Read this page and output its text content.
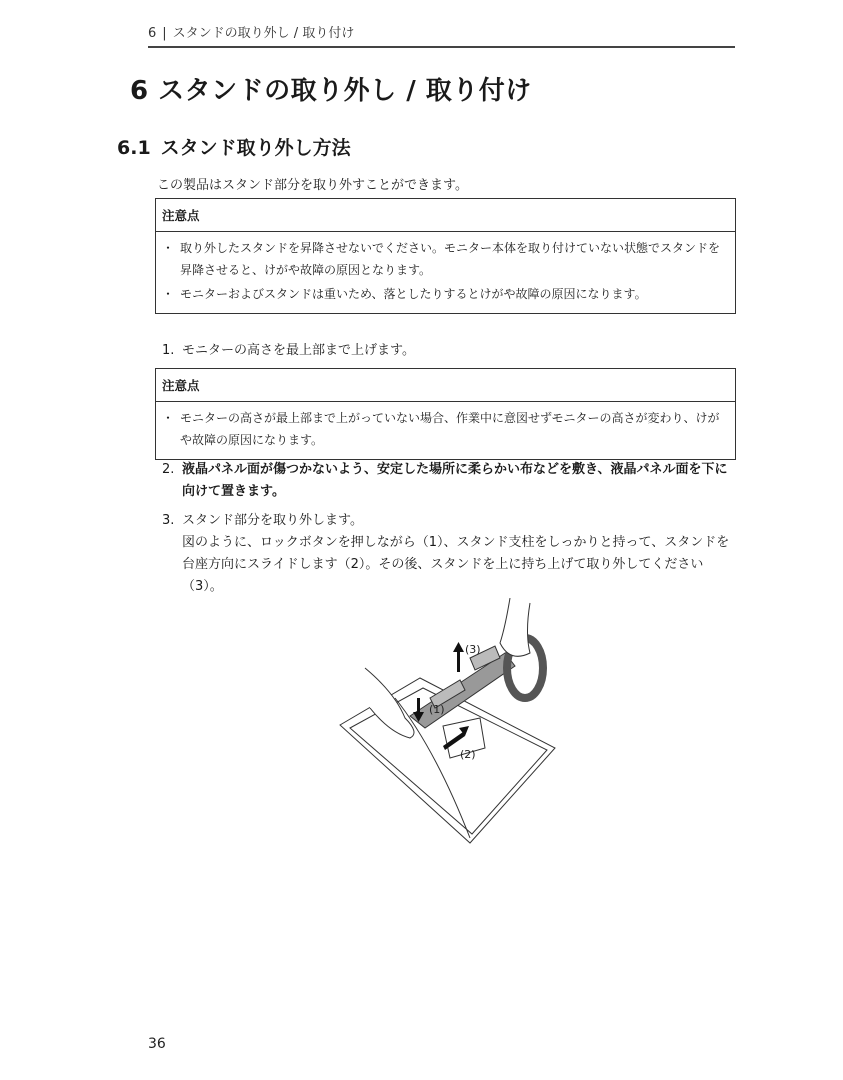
6 | スタンドの取り外し / 取り付け
6 スタンドの取り外し / 取り付け
6.1 スタンド取り外し方法
この製品はスタンド部分を取り外すことができます。
注意点
・ 取り外したスタンドを昇降させないでください。モニター本体を取り付けていない状態でスタンドを昇降させると、けがや故障の原因となります。
・ モニターおよびスタンドは重いため、落としたりするとけがや故障の原因になります。
1. モニターの高さを最上部まで上げます。
注意点
・ モニターの高さが最上部まで上がっていない場合、作業中に意図せずモニターの高さが変わり、けがや故障の原因になります。
2. 液晶パネル面が傷つかないよう、安定した場所に柔らかい布などを敷き、液晶パネル面を下に向けて置きます。
3. スタンド部分を取り外します。
図のように、ロックボタンを押しながら（1）、スタンド支柱をしっかりと持って、スタンドを台座方向にスライドします（2）。その後、スタンドを上に持ち上げて取り外してください（3）。
(3)
(1)
(2)
36
